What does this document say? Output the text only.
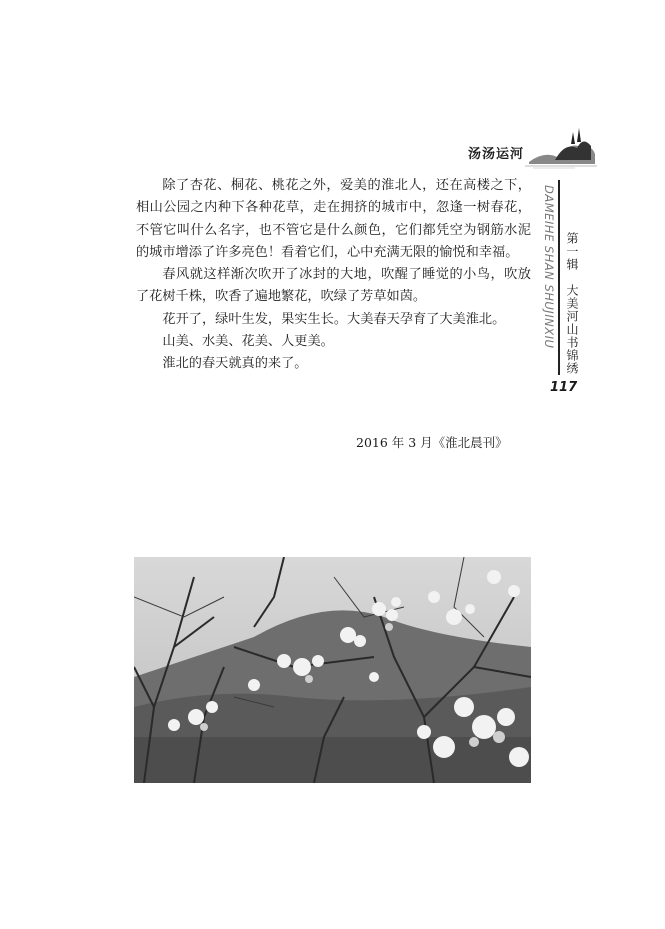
汤汤运河

除了杏花、桐花、桃花之外，爱美的淮北人，还在高楼之下，相山公园之内种下各种花草，走在拥挤的城市中，忽逢一树春花，不管它叫什么名字，也不管它是什么颜色，它们都凭空为钢筋水泥的城市增添了许多亮色！看着它们，心中充满无限的愉悦和幸福。

春风就这样渐次吹开了冰封的大地，吹醒了睡觉的小鸟，吹放了花树千株，吹香了遍地繁花，吹绿了芳草如茵。

花开了，绿叶生发，果实生长。大美春天孕育了大美淮北。

山美、水美、花美、人更美。

淮北的春天就真的来了。

2016 年 3 月《淮北晨刊》
DAMEIHE SHAN SHUJINXIU 第一辑　大美河山书锦绣
117
